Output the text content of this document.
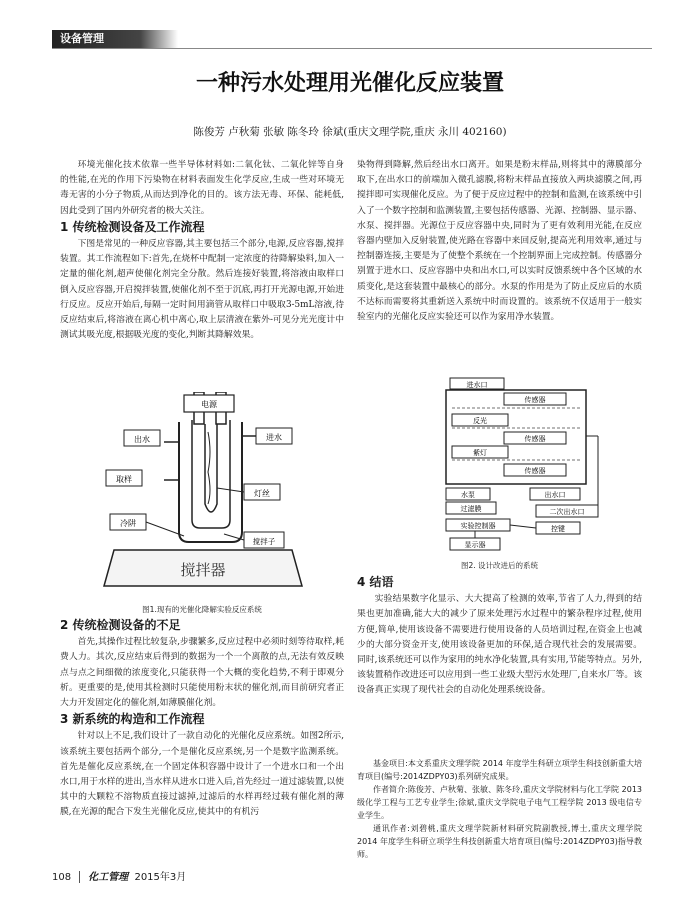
设备管理
一种污水处理用光催化反应装置
陈俊芳 卢秋菊 张敏 陈冬玲 徐斌(重庆文理学院,重庆 永川 402160)

环境光催化技术依靠一些半导体材料如:二氧化钛、二氧化锌等自身的性能,在光的作用下污染物在材料表面发生化学反应,生成一些对环境无毒无害的小分子物质,从而达到净化的目的。该方法无毒、环保、能耗低,因此受到了国内外研究者的极大关注。

1 传统检测设备及工作流程

下图是常见的一种反应容器,其主要包括三个部分,电源,反应容器,搅拌装置。其工作流程如下:首先,在烧杯中配制一定浓度的待降解染料,加入一定量的催化剂,超声使催化剂完全分散。然后连接好装置,将溶液由取样口倒入反应容器,开启搅拌装置,使催化剂不至于沉底,再打开光源电源,开始进行反应。反应开始后,每隔一定时间用滴管从取样口中吸取3-5mL溶液,待反应结束后,将溶液在离心机中离心,取上层清液在紫外-可见分光光度计中测试其吸光度,根据吸光度的变化,判断其降解效果。

电源
出水	进水
取样
冷阱
灯丝
搅拌子
搅拌器
图1.现有的光催化降解实验反应系统
2 传统检测设备的不足

首先,其操作过程比较复杂,步骤繁多,反应过程中必须时刻等待取样,耗费人力。其次,反应结束后得到的数据为一个一个离散的点,无法有效反映点与点之间细微的浓度变化,只能获得一个大概的变化趋势,不利于即观分析。更重要的是,使用其检测时只能使用粉末状的催化剂,而目前研究者正大力开发固定化的催化剂,如薄膜催化剂。

3 新系统的构造和工作流程

针对以上不足,我们设计了一款自动化的光催化反应系统。如图2所示,该系统主要包括两个部分,一个是催化反应系统,另一个是数字监测系统。首先是催化反应系统,在一个固定体积容器中设计了一个进水口和一个出水口,用于水样的进出,当水样从进水口进入后,首先经过一道过滤装置,以使其中的大颗粒不溶物质直接过滤掉,过滤后的水样再经过载有催化剂的薄膜,在光源的配合下发生光催化反应,使其中的有机污

染物得到降解,然后经出水口离开。如果是粉末样品,则将其中的薄膜部分取下,在出水口的前端加入微孔滤膜,将粉末样品直接放入两块滤膜之间,再搅拌即可实现催化反应。为了便于反应过程中的控制和监测,在该系统中引入了一个数字控制和监测装置,主要包括传感器、光源、控制器、显示器、水泵、搅拌器。光源位于反应容器中央,同时为了更有效利用光能,在反应容器内壁加入反射装置,使光路在容器中来回反射,提高光利用效率,通过与控制器连接,主要是为了使整个系统在一个控制界面上完成控制。传感器分别置于进水口、反应容器中央和出水口,可以实时反馈系统中各个区域的水质变化,是这套装置中最核心的部分。水泵的作用是为了防止反应后的水质不达标而需要将其重新送入系统中时而设置的。该系统不仅适用于一般实验室内的光催化反应实验还可以作为家用净水装置。

进水口
传感器
传感器
传感器
反光
紫灯
水泵	出水口
过滤膜	二次出水口
实验控制器	控键
显示器
图2. 设计改进后的系统
4 结语

实验结果数字化显示、大大提高了检测的效率,节省了人力,得到的结果也更加准确,能大大的减少了原来处理污水过程中的繁杂程序过程,使用方便,简单,使用该设备不需要进行使用设备的人员培训过程,在资金上也减少的大部分资金开支,使用该设备更加的环保,适合现代社会的发展需要。同时,该系统还可以作为家用的纯水净化装置,具有实用,节能等特点。另外,该装置稍作改进还可以应用到一些工业级大型污水处理厂,自来水厂等。该设备真正实现了现代社会的自动化处理系统设备。

基金项目:本文系重庆文理学院 2014 年度学生科研立项学生科技创新重大培育项目(编号:2014ZDPY03)系列研究成果。

作者简介:陈俊芳、卢秋菊、张敏、陈冬玲,重庆文学院材料与化工学院 2013 级化学工程与工艺专业学生;徐斌,重庆文学院电子电气工程学院 2013 级电信专业学生。

通讯作者:刘碧桃,重庆文理学院新材料研究院副教授,博士,重庆文理学院 2014 年度学生科研立项学生科技创新重大培育项目(编号:2014ZDPY03)指导教师。

108 化工管理 2015年3月
